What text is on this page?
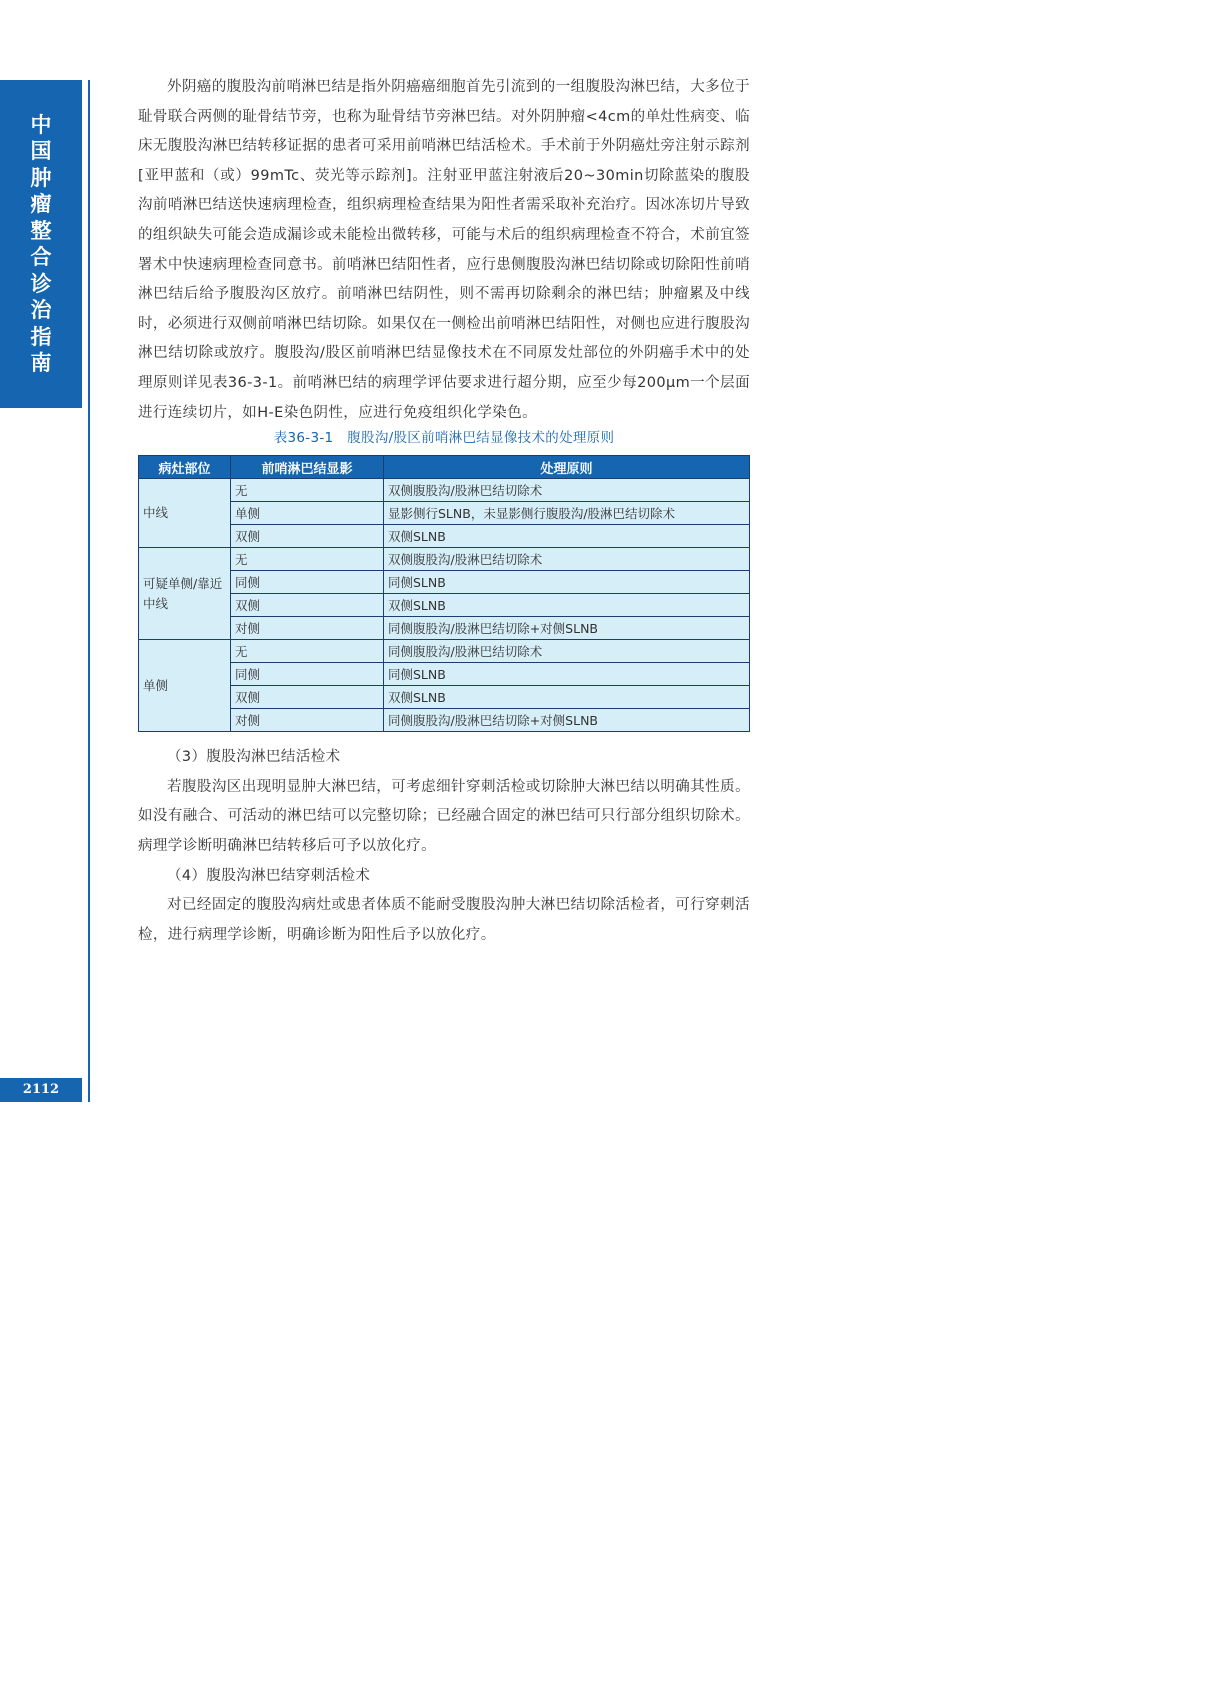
中
国
肿
瘤
整
合
诊
治
指
南
2112

外阴癌的腹股沟前哨淋巴结是指外阴癌癌细胞首先引流到的一组腹股沟淋巴结，大多位于耻骨联合两侧的耻骨结节旁，也称为耻骨结节旁淋巴结。对外阴肿瘤<4cm的单灶性病变、临床无腹股沟淋巴结转移证据的患者可采用前哨淋巴结活检术。手术前于外阴癌灶旁注射示踪剂[亚甲蓝和（或）99mTc、荧光等示踪剂]。注射亚甲蓝注射液后20~30min切除蓝染的腹股沟前哨淋巴结送快速病理检查，组织病理检查结果为阳性者需采取补充治疗。因冰冻切片导致的组织缺失可能会造成漏诊或未能检出微转移，可能与术后的组织病理检查不符合，术前宜签署术中快速病理检查同意书。前哨淋巴结阳性者，应行患侧腹股沟淋巴结切除或切除阳性前哨淋巴结后给予腹股沟区放疗。前哨淋巴结阴性，则不需再切除剩余的淋巴结；肿瘤累及中线时，必须进行双侧前哨淋巴结切除。如果仅在一侧检出前哨淋巴结阳性，对侧也应进行腹股沟淋巴结切除或放疗。腹股沟/股区前哨淋巴结显像技术在不同原发灶部位的外阴癌手术中的处理原则详见表36-3-1。前哨淋巴结的病理学评估要求进行超分期，应至少每200μm一个层面进行连续切片，如H-E染色阴性，应进行免疫组织化学染色。

表36-3-1　腹股沟/股区前哨淋巴结显像技术的处理原则

病灶部位	前哨淋巴结显影	处理原则
中线	无	双侧腹股沟/股淋巴结切除术
	单侧	显影侧行SLNB，未显影侧行腹股沟/股淋巴结切除术
	双侧	双侧SLNB
可疑单侧/靠近中线	无	双侧腹股沟/股淋巴结切除术
	同侧	同侧SLNB
	双侧	双侧SLNB
	对侧	同侧腹股沟/股淋巴结切除+对侧SLNB
单侧	无	同侧腹股沟/股淋巴结切除术
	同侧	同侧SLNB
	双侧	双侧SLNB
	对侧	同侧腹股沟/股淋巴结切除+对侧SLNB

（3）腹股沟淋巴结活检术

若腹股沟区出现明显肿大淋巴结，可考虑细针穿刺活检或切除肿大淋巴结以明确其性质。如没有融合、可活动的淋巴结可以完整切除；已经融合固定的淋巴结可只行部分组织切除术。病理学诊断明确淋巴结转移后可予以放化疗。

（4）腹股沟淋巴结穿刺活检术

对已经固定的腹股沟病灶或患者体质不能耐受腹股沟肿大淋巴结切除活检者，可行穿刺活检，进行病理学诊断，明确诊断为阳性后予以放化疗。
